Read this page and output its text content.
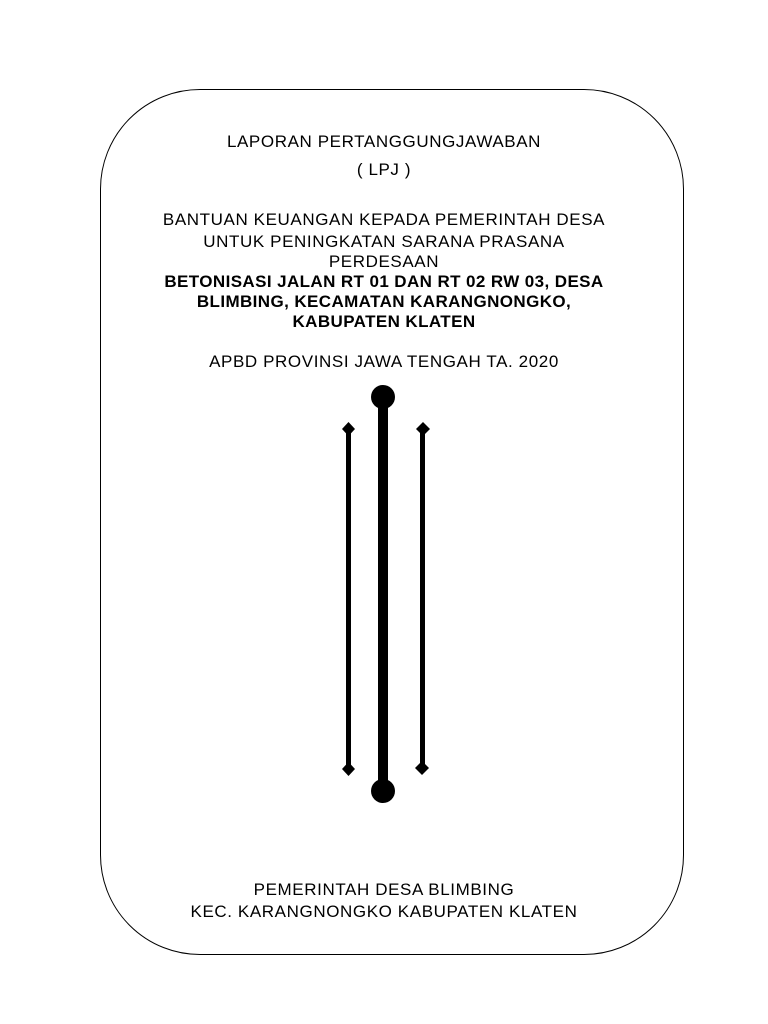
LAPORAN PERTANGGUNGJAWABAN
( LPJ )
BANTUAN KEUANGAN KEPADA PEMERINTAH DESA
UNTUK PENINGKATAN SARANA PRASANA
PERDESAAN
BETONISASI JALAN RT 01 DAN RT 02 RW 03, DESA
BLIMBING, KECAMATAN KARANGNONGKO,
KABUPATEN KLATEN
APBD PROVINSI JAWA TENGAH TA. 2020
PEMERINTAH DESA BLIMBING
KEC. KARANGNONGKO KABUPATEN KLATEN
